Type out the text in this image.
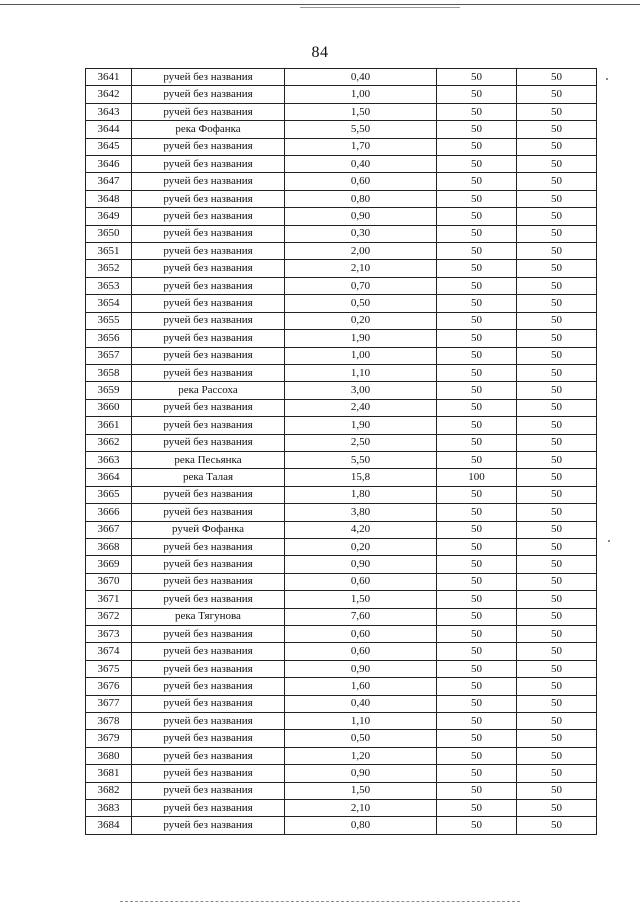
84
3641	ручей без названия	0,40	50	50
3642	ручей без названия	1,00	50	50
3643	ручей без названия	1,50	50	50
3644	река Фофанка	5,50	50	50
3645	ручей без названия	1,70	50	50
3646	ручей без названия	0,40	50	50
3647	ручей без названия	0,60	50	50
3648	ручей без названия	0,80	50	50
3649	ручей без названия	0,90	50	50
3650	ручей без названия	0,30	50	50
3651	ручей без названия	2,00	50	50
3652	ручей без названия	2,10	50	50
3653	ручей без названия	0,70	50	50
3654	ручей без названия	0,50	50	50
3655	ручей без названия	0,20	50	50
3656	ручей без названия	1,90	50	50
3657	ручей без названия	1,00	50	50
3658	ручей без названия	1,10	50	50
3659	река Рассоха	3,00	50	50
3660	ручей без названия	2,40	50	50
3661	ручей без названия	1,90	50	50
3662	ручей без названия	2,50	50	50
3663	река Песьянка	5,50	50	50
3664	река Талая	15,8	100	50
3665	ручей без названия	1,80	50	50
3666	ручей без названия	3,80	50	50
3667	ручей Фофанка	4,20	50	50
3668	ручей без названия	0,20	50	50
3669	ручей без названия	0,90	50	50
3670	ручей без названия	0,60	50	50
3671	ручей без названия	1,50	50	50
3672	река Тягунова	7,60	50	50
3673	ручей без названия	0,60	50	50
3674	ручей без названия	0,60	50	50
3675	ручей без названия	0,90	50	50
3676	ручей без названия	1,60	50	50
3677	ручей без названия	0,40	50	50
3678	ручей без названия	1,10	50	50
3679	ручей без названия	0,50	50	50
3680	ручей без названия	1,20	50	50
3681	ручей без названия	0,90	50	50
3682	ручей без названия	1,50	50	50
3683	ручей без названия	2,10	50	50
3684	ручей без названия	0,80	50	50
